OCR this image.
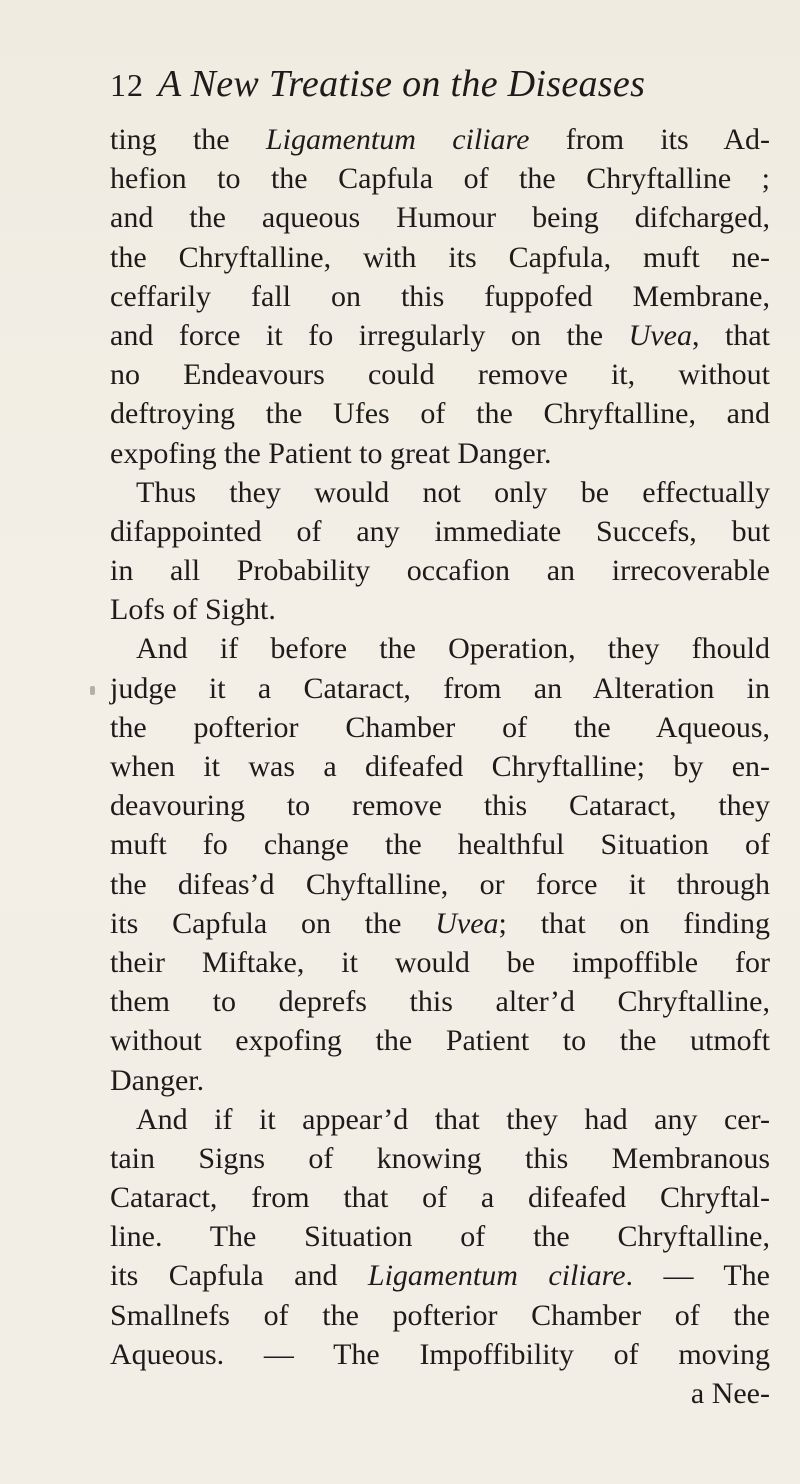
12 A New Treatise on the Diseases
ting the Ligamentum ciliare from its Ad-
hefion to the Capfula of the Chryftalline ;
and the aqueous Humour being difcharged,
the Chryftalline, with its Capfula, muft ne-
ceffarily fall on this fuppofed Membrane,
and force it fo irregularly on the Uvea, that
no Endeavours could remove it, without
deftroying the Ufes of the Chryftalline, and
expofing the Patient to great Danger.
Thus they would not only be effectually
difappointed of any immediate Succefs, but
in all Probability occafion an irrecoverable
Lofs of Sight.
And if before the Operation, they fhould
judge it a Cataract, from an Alteration in
the pofterior Chamber of the Aqueous,
when it was a difeafed Chryftalline; by en-
deavouring to remove this Cataract, they
muft fo change the healthful Situation of
the difeas’d Chyftalline, or force it through
its Capfula on the Uvea; that on finding
their Miftake, it would be impoffible for
them to deprefs this alter’d Chryftalline,
without expofing the Patient to the utmoft
Danger.
And if it appear’d that they had any cer-
tain Signs of knowing this Membranous
Cataract, from that of a difeafed Chryftal-
line. The Situation of the Chryftalline,
its Capfula and Ligamentum ciliare. — The
Smallnefs of the pofterior Chamber of the
Aqueous. — The Impoffibility of moving
a Nee-
